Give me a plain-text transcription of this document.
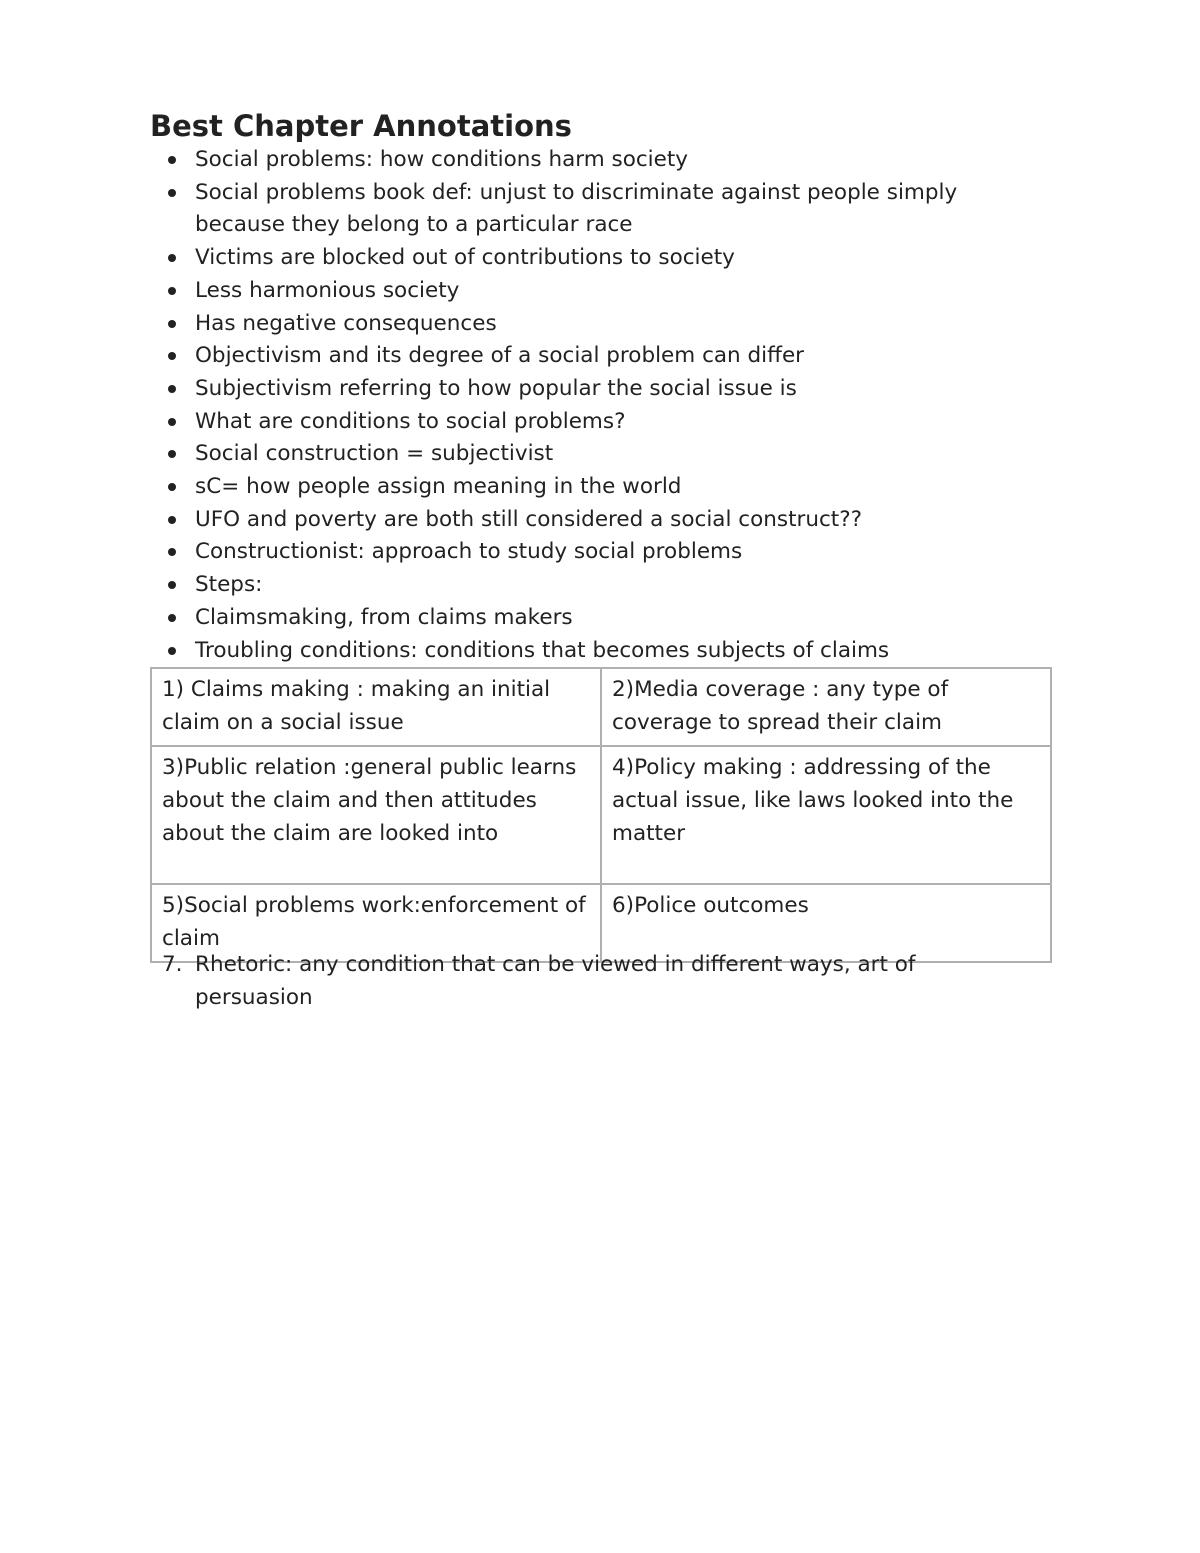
Best Chapter Annotations
Social problems: how conditions harm society
Social problems book def: unjust to discriminate against people simply because they belong to a particular race
Victims are blocked out of contributions to society
Less harmonious society
Has negative consequences
Objectivism and its degree of a social problem can differ
Subjectivism referring to how popular the social issue is
What are conditions to social problems?
Social construction = subjectivist
sC= how people assign meaning in the world
UFO and poverty are both still considered a social construct??
Constructionist: approach to study social problems
Steps:
Claimsmaking, from claims makers
Troubling conditions: conditions that becomes subjects of claims
1) Claims making : making an initial claim on a social issue	2)Media coverage : any type of coverage to spread their claim
3)Public relation :general public learns about the claim and then attitudes about the claim are looked into	4)Policy making : addressing of the actual issue, like laws looked into the matter
5)Social problems work:enforcement of claim	6)Police outcomes
7. Rhetoric: any condition that can be viewed in different ways, art of persuasion
